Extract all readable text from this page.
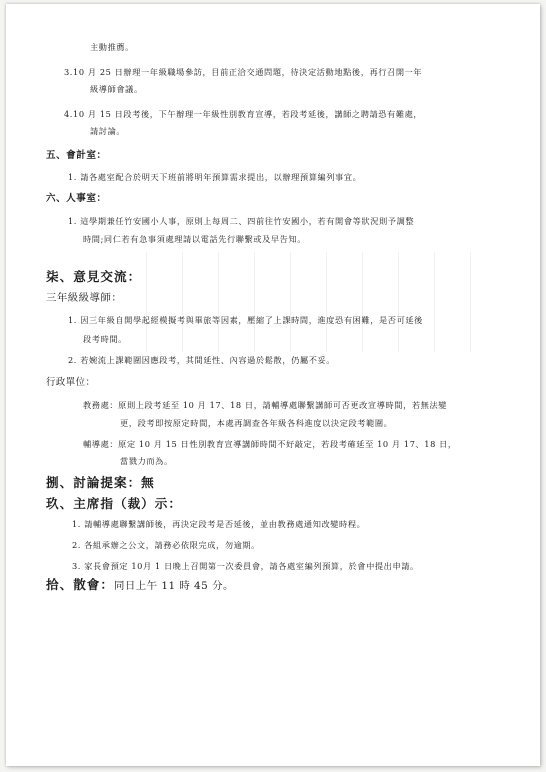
主動推薦。
3.10 月 25 日辦理一年級職場參訪，目前正洽交通問題，待決定活動地點後，再行召開一年
級導師會議。
4.10 月 15 日段考後，下午辦理一年級性別教育宣導，若段考延後，講師之聘請恐有難處，
請討論。
五、會計室：
1. 請各處室配合於明天下班前將明年預算需求提出，以辦理預算編列事宜。
六、人事室：
1. 這學期兼任竹安國小人事，原則上每周二、四前往竹安國小，若有開會等狀況則予調整
時間;同仁若有急事須處理請以電話先行聯繫或及早告知。
柒、意見交流：
三年級級導師：
1. 因三年級自開學起經模擬考與畢旅等因素，壓縮了上課時間，進度恐有困難，是否可延後
段考時間。
2. 若婉流上課範圍因應段考，其間延性、內容過於鬆散，仍屬不妥。
行政單位：
教務處：原則上段考延至 10 月 17、18 日，請輔導處聯繫講師可否更改宣導時間，若無法變
更，段考即按原定時間，本處再調查各年級各科進度以決定段考範圍。
輔導處：原定 10 月 15 日性別教育宣導講師時間不好敲定，若段考確延至 10 月 17、18 日，
當戮力而為。
捌、討論提案：無
玖、主席指（裁）示：
1. 請輔導處聯繫講師後，再決定段考是否延後，並由教務處通知改變時程。
2. 各組承辦之公文，請務必依限完成，勿逾期。
3. 家長會預定 10月 1 日晚上召開第一次委員會，請各處室編列預算，於會中提出申請。
拾、散會：同日上午 11 時 45 分。
